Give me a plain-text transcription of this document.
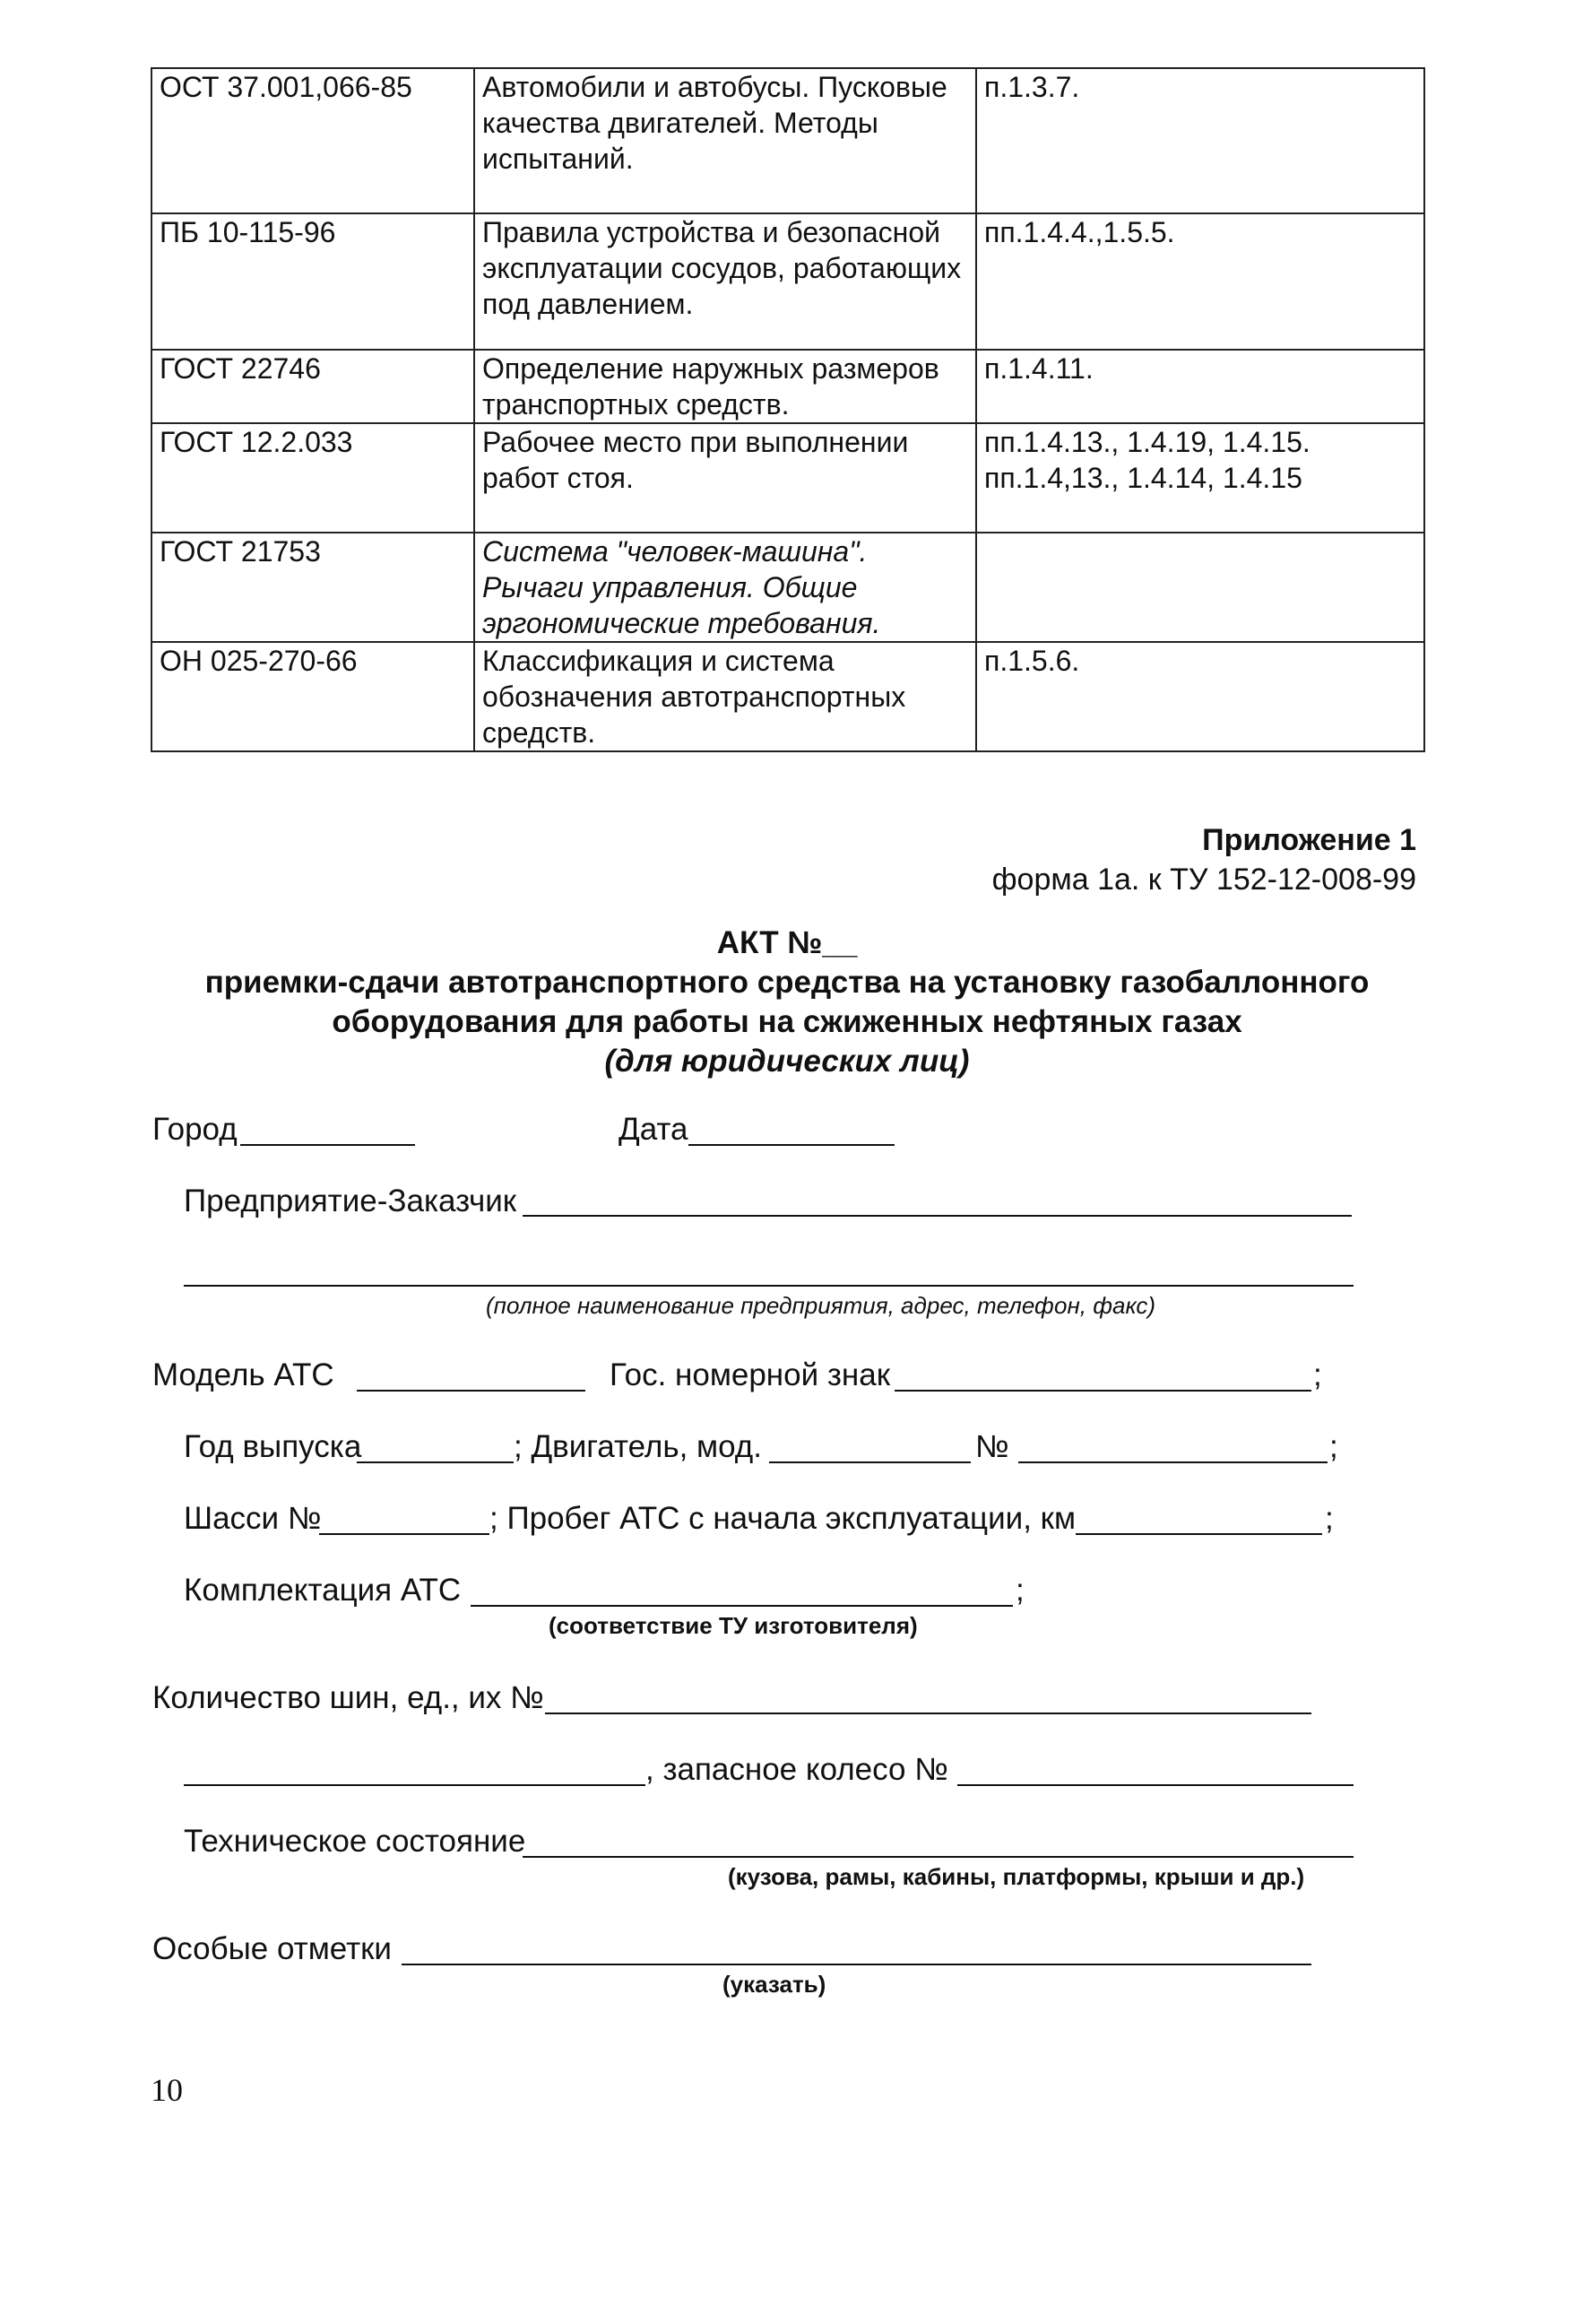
ОСТ 37.001,066-85	Автомобили и автобусы. Пусковые качества двигателей. Методы испытаний.	п.1.3.7.
ПБ 10-115-96	Правила устройства и безопасной эксплуатации сосудов, работающих под давлением.	пп.1.4.4.,1.5.5.
ГОСТ 22746	Определение наружных размеров транспортных средств.	п.1.4.11.
ГОСТ 12.2.033	Рабочее место при выполнении работ стоя.	пп.1.4.13., 1.4.19, 1.4.15. пп.1.4,13., 1.4.14, 1.4.15
ГОСТ 21753	Система "человек-машина". Рычаги управления. Общие эргономические требования.	
ОН 025-270-66	Классификация и система обозначения автотранспортных средств.	п.1.5.6.
Приложение 1
форма 1а. к ТУ 152-12-008-99
АКТ №__
приемки-сдачи автотранспортного средства на установку газобаллонного
оборудования для работы на сжиженных нефтяных газах
(для юридических лиц)
Город	Дата
Предприятие-Заказчик
(полное наименование предприятия, адрес, телефон, факс)
Модель АТС	Гос. номерной знак	;
Год выпуска	; Двигатель, мод.	№	;
Шасси №	; Пробег АТС с начала эксплуатации, км	;
Комплектация АТС	;
(соответствие ТУ изготовителя)
Количество шин, ед., их №
, запасное колесо №
Техническое состояние
(кузова, рамы, кабины, платформы, крыши и др.)
Особые отметки
(указать)
10
